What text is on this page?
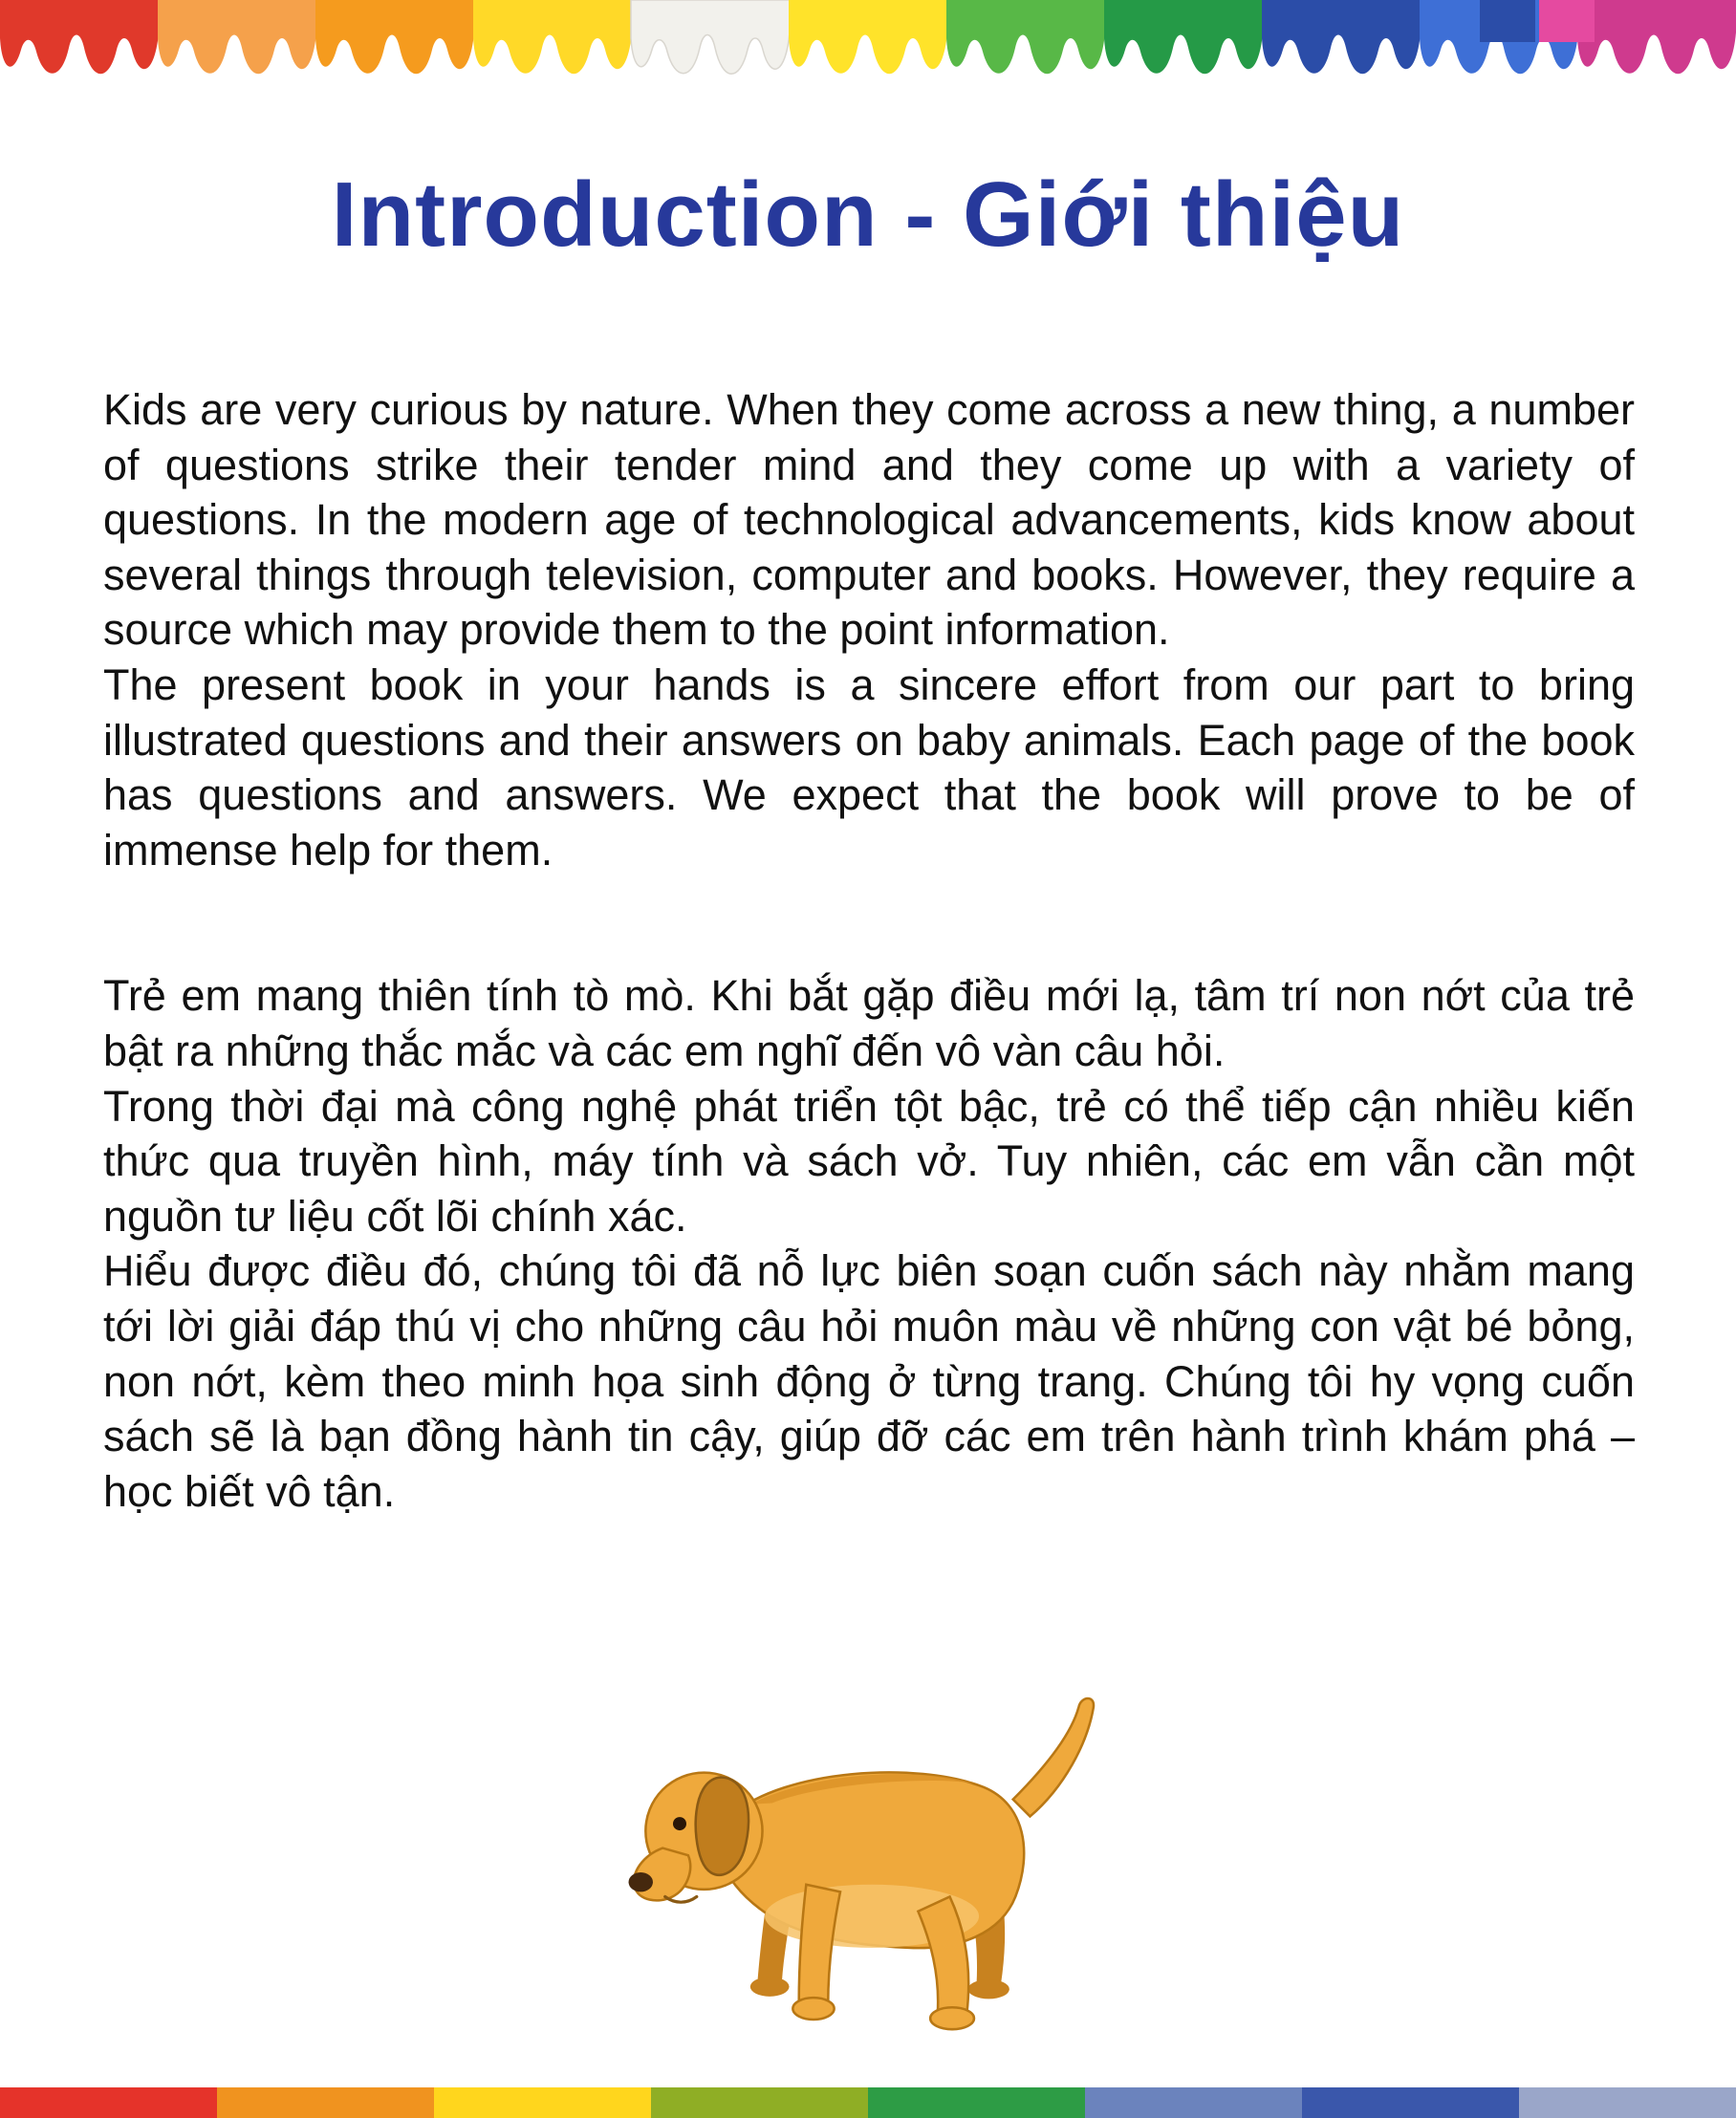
Introduction - Giới thiệu

Kids are very curious by nature. When they come across a new thing, a number of questions strike their tender mind and they come up with a variety of questions. In the modern age of technological advancements, kids know about several things through television, computer and books. However, they require a source which may provide them to the point information.

The present book in your hands is a sincere effort from our part to bring illustrated questions and their answers on baby animals. Each page of the book has questions and answers. We expect that the book will prove to be of immense help for them.

Trẻ em mang thiên tính tò mò. Khi bắt gặp điều mới lạ, tâm trí non nớt của trẻ bật ra những thắc mắc và các em nghĩ đến vô vàn câu hỏi.

Trong thời đại mà công nghệ phát triển tột bậc, trẻ có thể tiếp cận nhiều kiến thức qua truyền hình, máy tính và sách vở. Tuy nhiên, các em vẫn cần một nguồn tư liệu cốt lõi chính xác.

Hiểu được điều đó, chúng tôi đã nỗ lực biên soạn cuốn sách này nhằm mang tới lời giải đáp thú vị cho những câu hỏi muôn màu về những con vật bé bỏng, non nớt, kèm theo minh họa sinh động ở từng trang. Chúng tôi hy vọng cuốn sách sẽ là bạn đồng hành tin cậy, giúp đỡ các em trên hành trình khám phá – học biết vô tận.
